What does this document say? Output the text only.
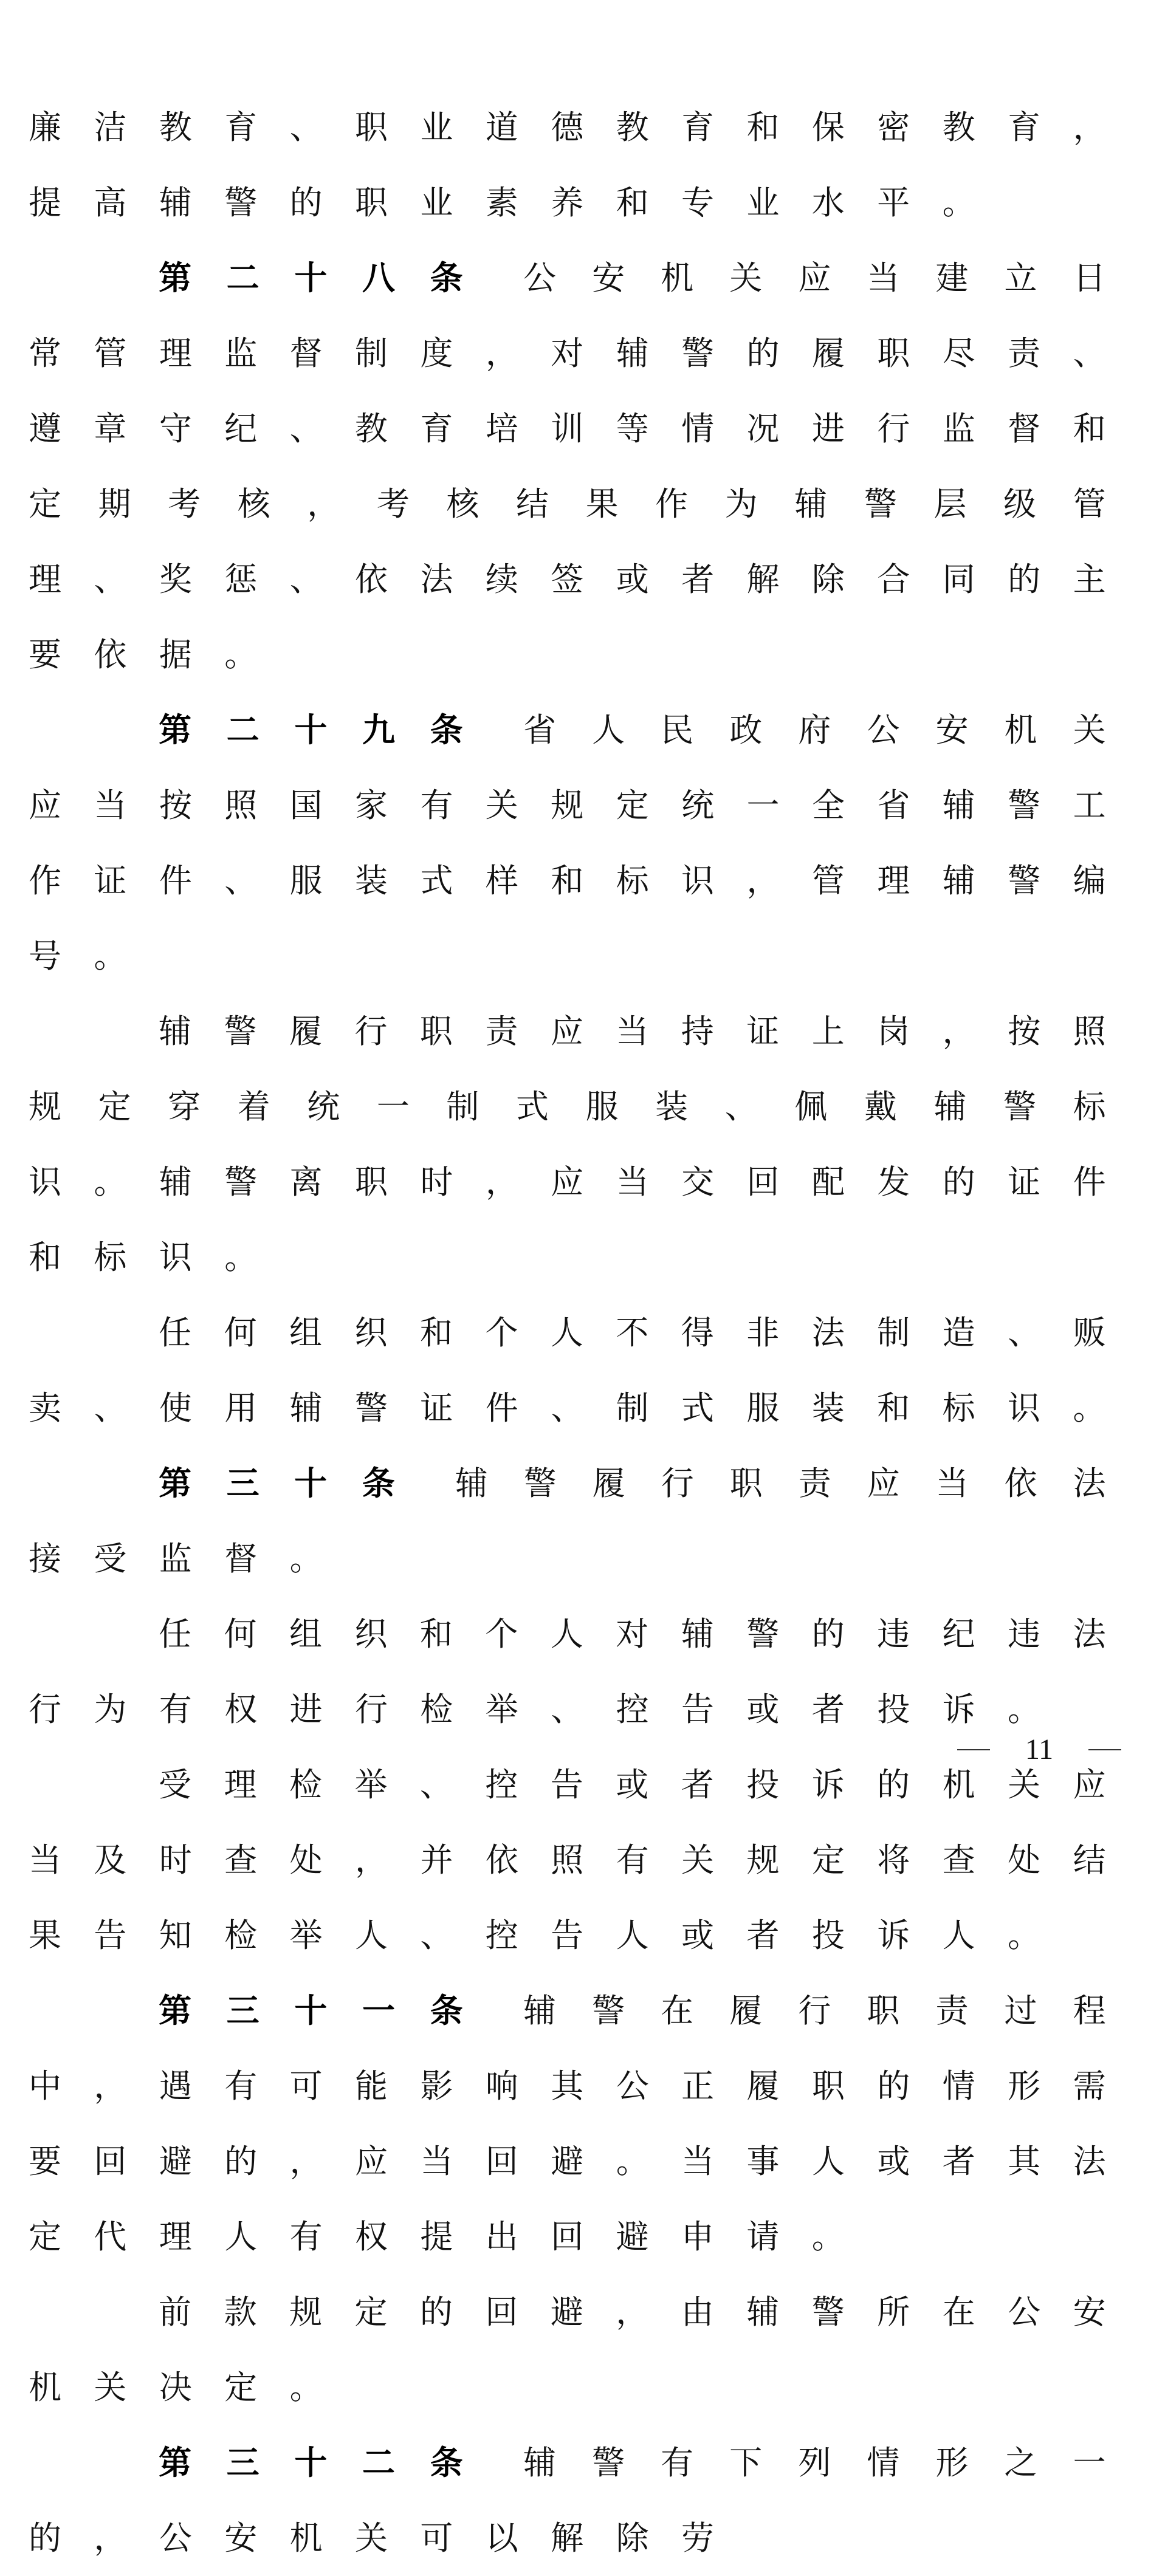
廉洁教育、职业道德教育和保密教育，提高辅警的职业素养和专业水平。

第二十八条 公安机关应当建立日常管理监督制度，对辅警的履职尽责、遵章守纪、教育培训等情况进行监督和定期考核，考核结果作为辅警层级管理、奖惩、依法续签或者解除合同的主要依据。

第二十九条 省人民政府公安机关应当按照国家有关规定统一全省辅警工作证件、服装式样和标识，管理辅警编号。

辅警履行职责应当持证上岗，按照规定穿着统一制式服装、佩戴辅警标识。辅警离职时，应当交回配发的证件和标识。

任何组织和个人不得非法制造、贩卖、使用辅警证件、制式服装和标识。

第三十条 辅警履行职责应当依法接受监督。

任何组织和个人对辅警的违纪违法行为有权进行检举、控告或者投诉。

受理检举、控告或者投诉的机关应当及时查处，并依照有关规定将查处结果告知检举人、控告人或者投诉人。

第三十一条 辅警在履行职责过程中，遇有可能影响其公正履职的情形需要回避的，应当回避。当事人或者其法定代理人有权提出回避申请。

前款规定的回避，由辅警所在公安机关决定。

第三十二条 辅警有下列情形之一的，公安机关可以解除劳

11
